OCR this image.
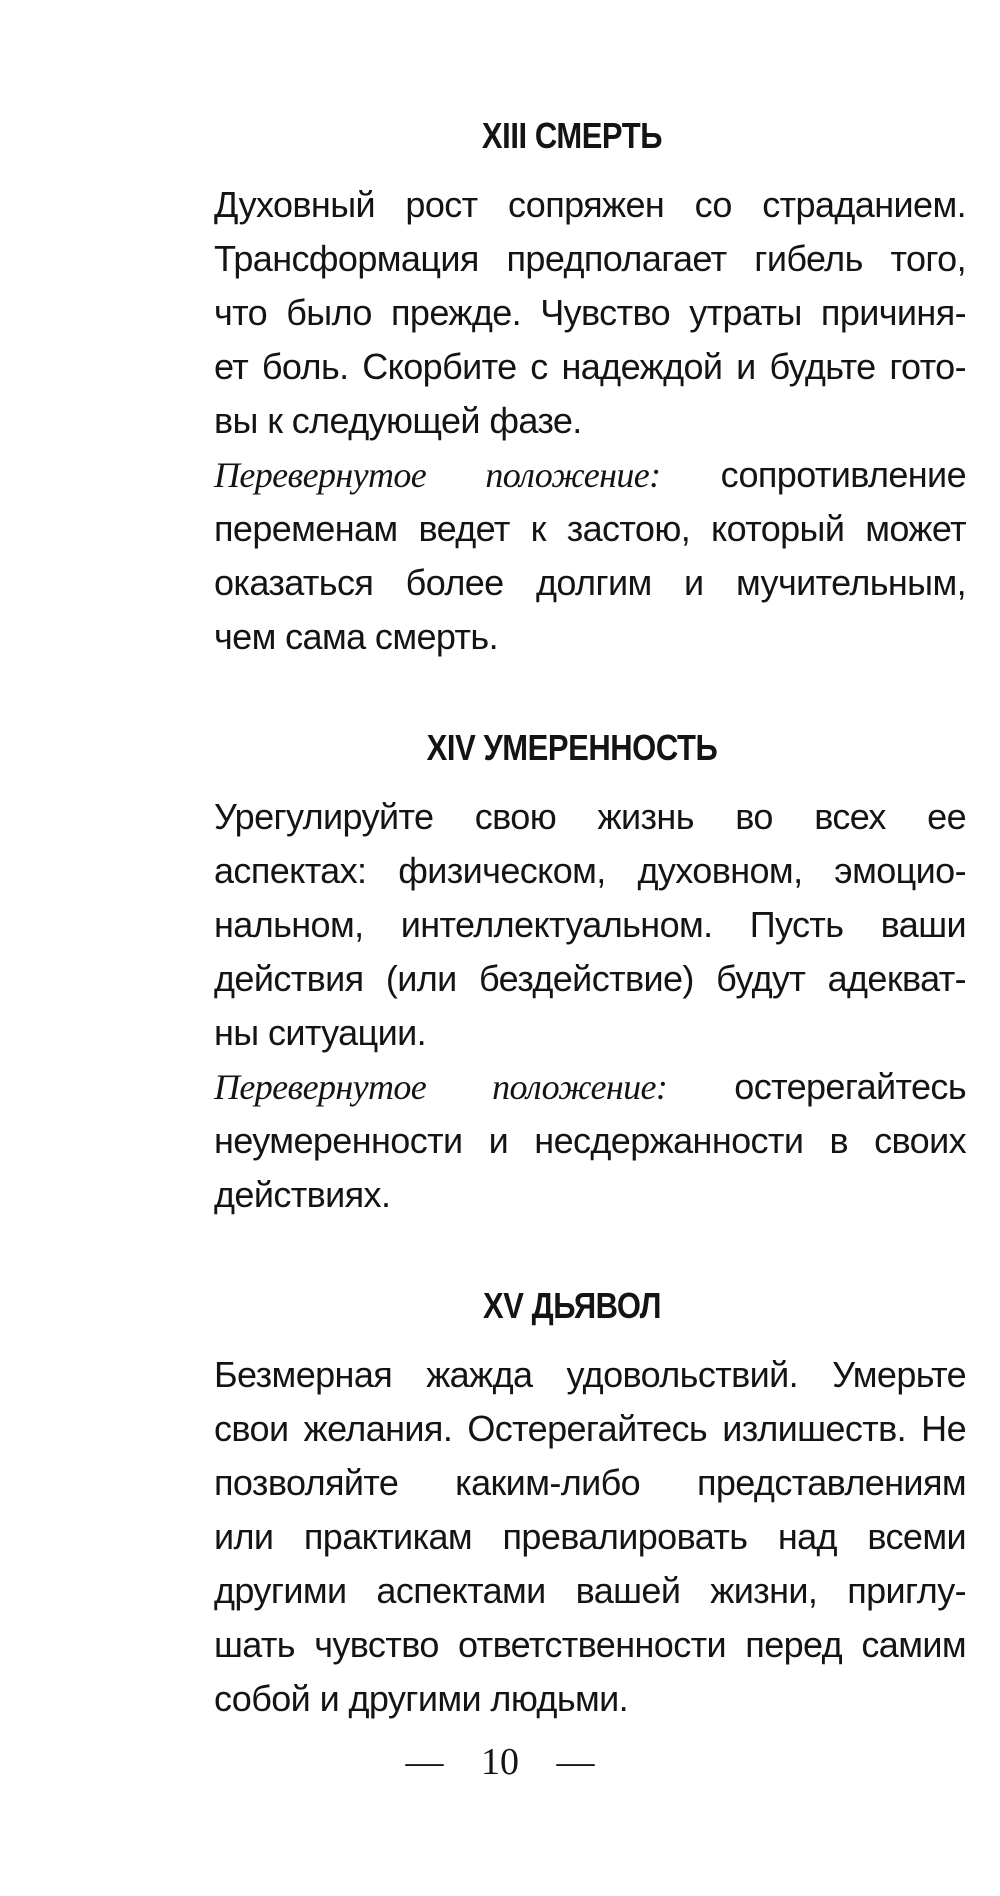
XIII СМЕРТЬ
Духовный рост сопряжен со страданием.
Трансформация предполагает гибель того,
что было прежде. Чувство утраты причиня-
ет боль. Скорбите с надеждой и будьте гото-
вы к следующей фазе.
Перевернутое положение: сопротивление
переменам ведет к застою, который может
оказаться более долгим и мучительным,
чем сама смерть.
XIV УМЕРЕННОСТЬ
Урегулируйте свою жизнь во всех ее
аспектах: физическом, духовном, эмоцио-
нальном, интеллектуальном. Пусть ваши
действия (или бездействие) будут адекват-
ны ситуации.
Перевернутое положение: остерегайтесь
неумеренности и несдержанности в своих
действиях.
XV ДЬЯВОЛ
Безмерная жажда удовольствий. Умерьте
свои желания. Остерегайтесь излишеств. Не
позволяйте каким-либо представлениям
или практикам превалировать над всеми
другими аспектами вашей жизни, приглу-
шать чувство ответственности перед самим
собой и другими людьми.
— 10 —
